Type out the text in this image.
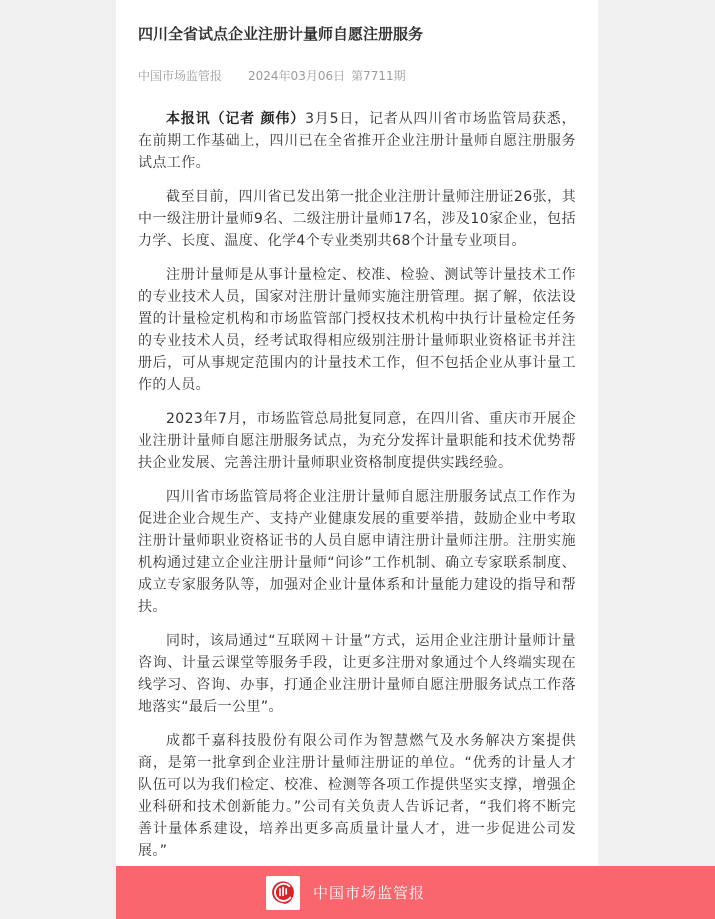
四川全省试点企业注册计量师自愿注册服务
中国市场监管报 2024年03月06日 第7711期

本报讯（记者 颜伟）3月5日，记者从四川省市场监管局获悉，在前期工作基础上，四川已在全省推开企业注册计量师自愿注册服务试点工作。

截至目前，四川省已发出第一批企业注册计量师注册证26张，其中一级注册计量师9名、二级注册计量师17名，涉及10家企业，包括力学、长度、温度、化学4个专业类别共68个计量专业项目。

注册计量师是从事计量检定、校准、检验、测试等计量技术工作的专业技术人员，国家对注册计量师实施注册管理。据了解，依法设置的计量检定机构和市场监管部门授权技术机构中执行计量检定任务的专业技术人员，经考试取得相应级别注册计量师职业资格证书并注册后，可从事规定范围内的计量技术工作，但不包括企业从事计量工作的人员。

2023年7月，市场监管总局批复同意，在四川省、重庆市开展企业注册计量师自愿注册服务试点，为充分发挥计量职能和技术优势帮扶企业发展、完善注册计量师职业资格制度提供实践经验。

四川省市场监管局将企业注册计量师自愿注册服务试点工作作为促进企业合规生产、支持产业健康发展的重要举措，鼓励企业中考取注册计量师职业资格证书的人员自愿申请注册计量师注册。注册实施机构通过建立企业注册计量师“问诊”工作机制、确立专家联系制度、成立专家服务队等，加强对企业计量体系和计量能力建设的指导和帮扶。

同时，该局通过“互联网＋计量”方式，运用企业注册计量师计量咨询、计量云课堂等服务手段，让更多注册对象通过个人终端实现在线学习、咨询、办事，打通企业注册计量师自愿注册服务试点工作落地落实“最后一公里”。

成都千嘉科技股份有限公司作为智慧燃气及水务解决方案提供商，是第一批拿到企业注册计量师注册证的单位。“优秀的计量人才队伍可以为我们检定、校准、检测等各项工作提供坚实支撑，增强企业科研和技术创新能力。”公司有关负责人告诉记者，“我们将不断完善计量体系建设，培养出更多高质量计量人才，进一步促进公司发展。”

中国市场监管报
